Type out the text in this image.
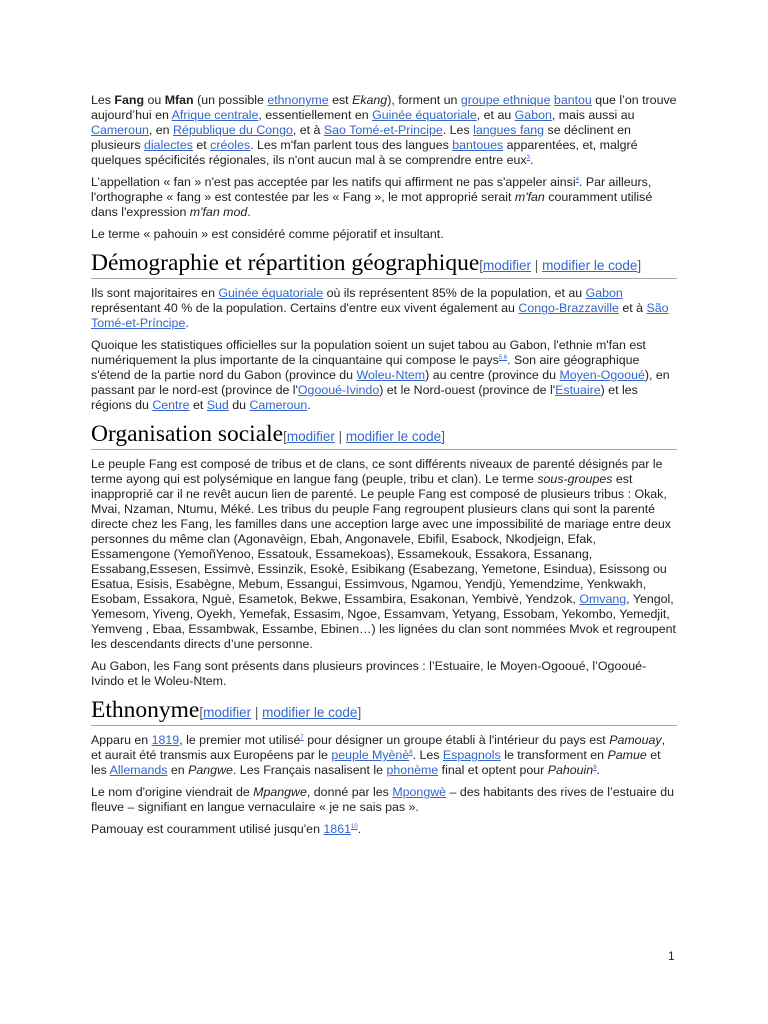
Les Fang ou Mfan (un possible ethnonyme est Ekang), forment un groupe ethnique bantou que l’on trouve aujourd’hui en Afrique centrale, essentiellement en Guinée équatoriale, et au Gabon, mais aussi au Cameroun, en République du Congo, et à Sao Tomé-et-Principe. Les langues fang se déclinent en plusieurs dialectes et créoles. Les m'fan parlent tous des langues bantoues apparentées, et, malgré quelques spécificités régionales, ils n'ont aucun mal à se comprendre entre eux$^3$.

L’appellation « fan » n'est pas acceptée par les natifs qui affirment ne pas s'appeler ainsi$^4$. Par ailleurs, l'orthographe « fang » est contestée par les « Fang », le mot approprié serait m'fan couramment utilisé dans l'expression m'fan mod.

Le terme « pahouin » est considéré comme péjoratif et insultant.

Démographie et répartition géographique[modifier | modifier le code]

Ils sont majoritaires en Guinée équatoriale où ils représentent 85% de la population, et au Gabon représentant 40 % de la population. Certains d'entre eux vivent également au Congo-Brazzaville et à São Tomé-et-Príncipe.

Quoique les statistiques officielles sur la population soient un sujet tabou au Gabon, l'ethnie m'fan est numériquement la plus importante de la cinquantaine qui compose le pays$^{5 6}$. Son aire géographique s'étend de la partie nord du Gabon (province du Woleu-Ntem) au centre (province du Moyen-Ogooué), en passant par le nord-est (province de l'Ogooué-Ivindo) et le Nord-ouest (province de l'Estuaire) et les régions du Centre et Sud du Cameroun.

Organisation sociale[modifier | modifier le code]

Le peuple Fang est composé de tribus et de clans, ce sont différents niveaux de parenté désignés par le terme ayong qui est polysémique en langue fang (peuple, tribu et clan). Le terme sous-groupes est inapproprié car il ne revêt aucun lien de parenté. Le peuple Fang est composé de plusieurs tribus : Okak, Mvai, Nzaman, Ntumu, Méké. Les tribus du peuple Fang regroupent plusieurs clans qui sont la parenté directe chez les Fang, les familles dans une acception large avec une impossibilité de mariage entre deux personnes du même clan (Agonavèign, Ebah, Angonavele, Ebifil, Esabock, Nkodjeign, Efak, Essamengone (YemoñYenoo, Essatouk, Essamekoas), Essamekouk, Essakora, Essanang, Essabang,Essesen, Essimvè, Essinzik, Esokè, Esibikang (Esabezang, Yemetone, Esindua), Esissong ou Esatua, Esisis, Esabègne, Mebum, Essangui, Essimvous, Ngamou, Yendjü, Yemendzime, Yenkwakh, Esobam, Essakora, Nguè, Esametok, Bekwe, Essambira, Esakonan, Yembivè, Yendzok, Omvang, Yengol, Yemesom, Yiveng, Oyekh, Yemefak, Essasim, Ngoe, Essamvam, Yetyang, Essobam, Yekombo, Yemedjit, Yemveng , Ebaa, Essambwak, Essambe, Ebinen…) les lignées du clan sont nommées Mvok et regroupent les descendants directs d’une personne.

Au Gabon, les Fang sont présents dans plusieurs provinces : l’Estuaire, le Moyen-Ogooué, l’Ogooué-Ivindo et le Woleu-Ntem.

Ethnonyme[modifier | modifier le code]

Apparu en 1819, le premier mot utilisé$^7$ pour désigner un groupe établi à l'intérieur du pays est Pamouay, et aurait été transmis aux Européens par le peuple Myènè$^8$. Les Espagnols le transforment en Pamue et les Allemands en Pangwe. Les Français nasalisent le phonème final et optent pour Pahouin$^9$.

Le nom d'origine viendrait de Mpangwe, donné par les Mpongwè – des habitants des rives de l’estuaire du fleuve – signifiant en langue vernaculaire « je ne sais pas ».

Pamouay est couramment utilisé jusqu'en 1861$^{10}$.

1
